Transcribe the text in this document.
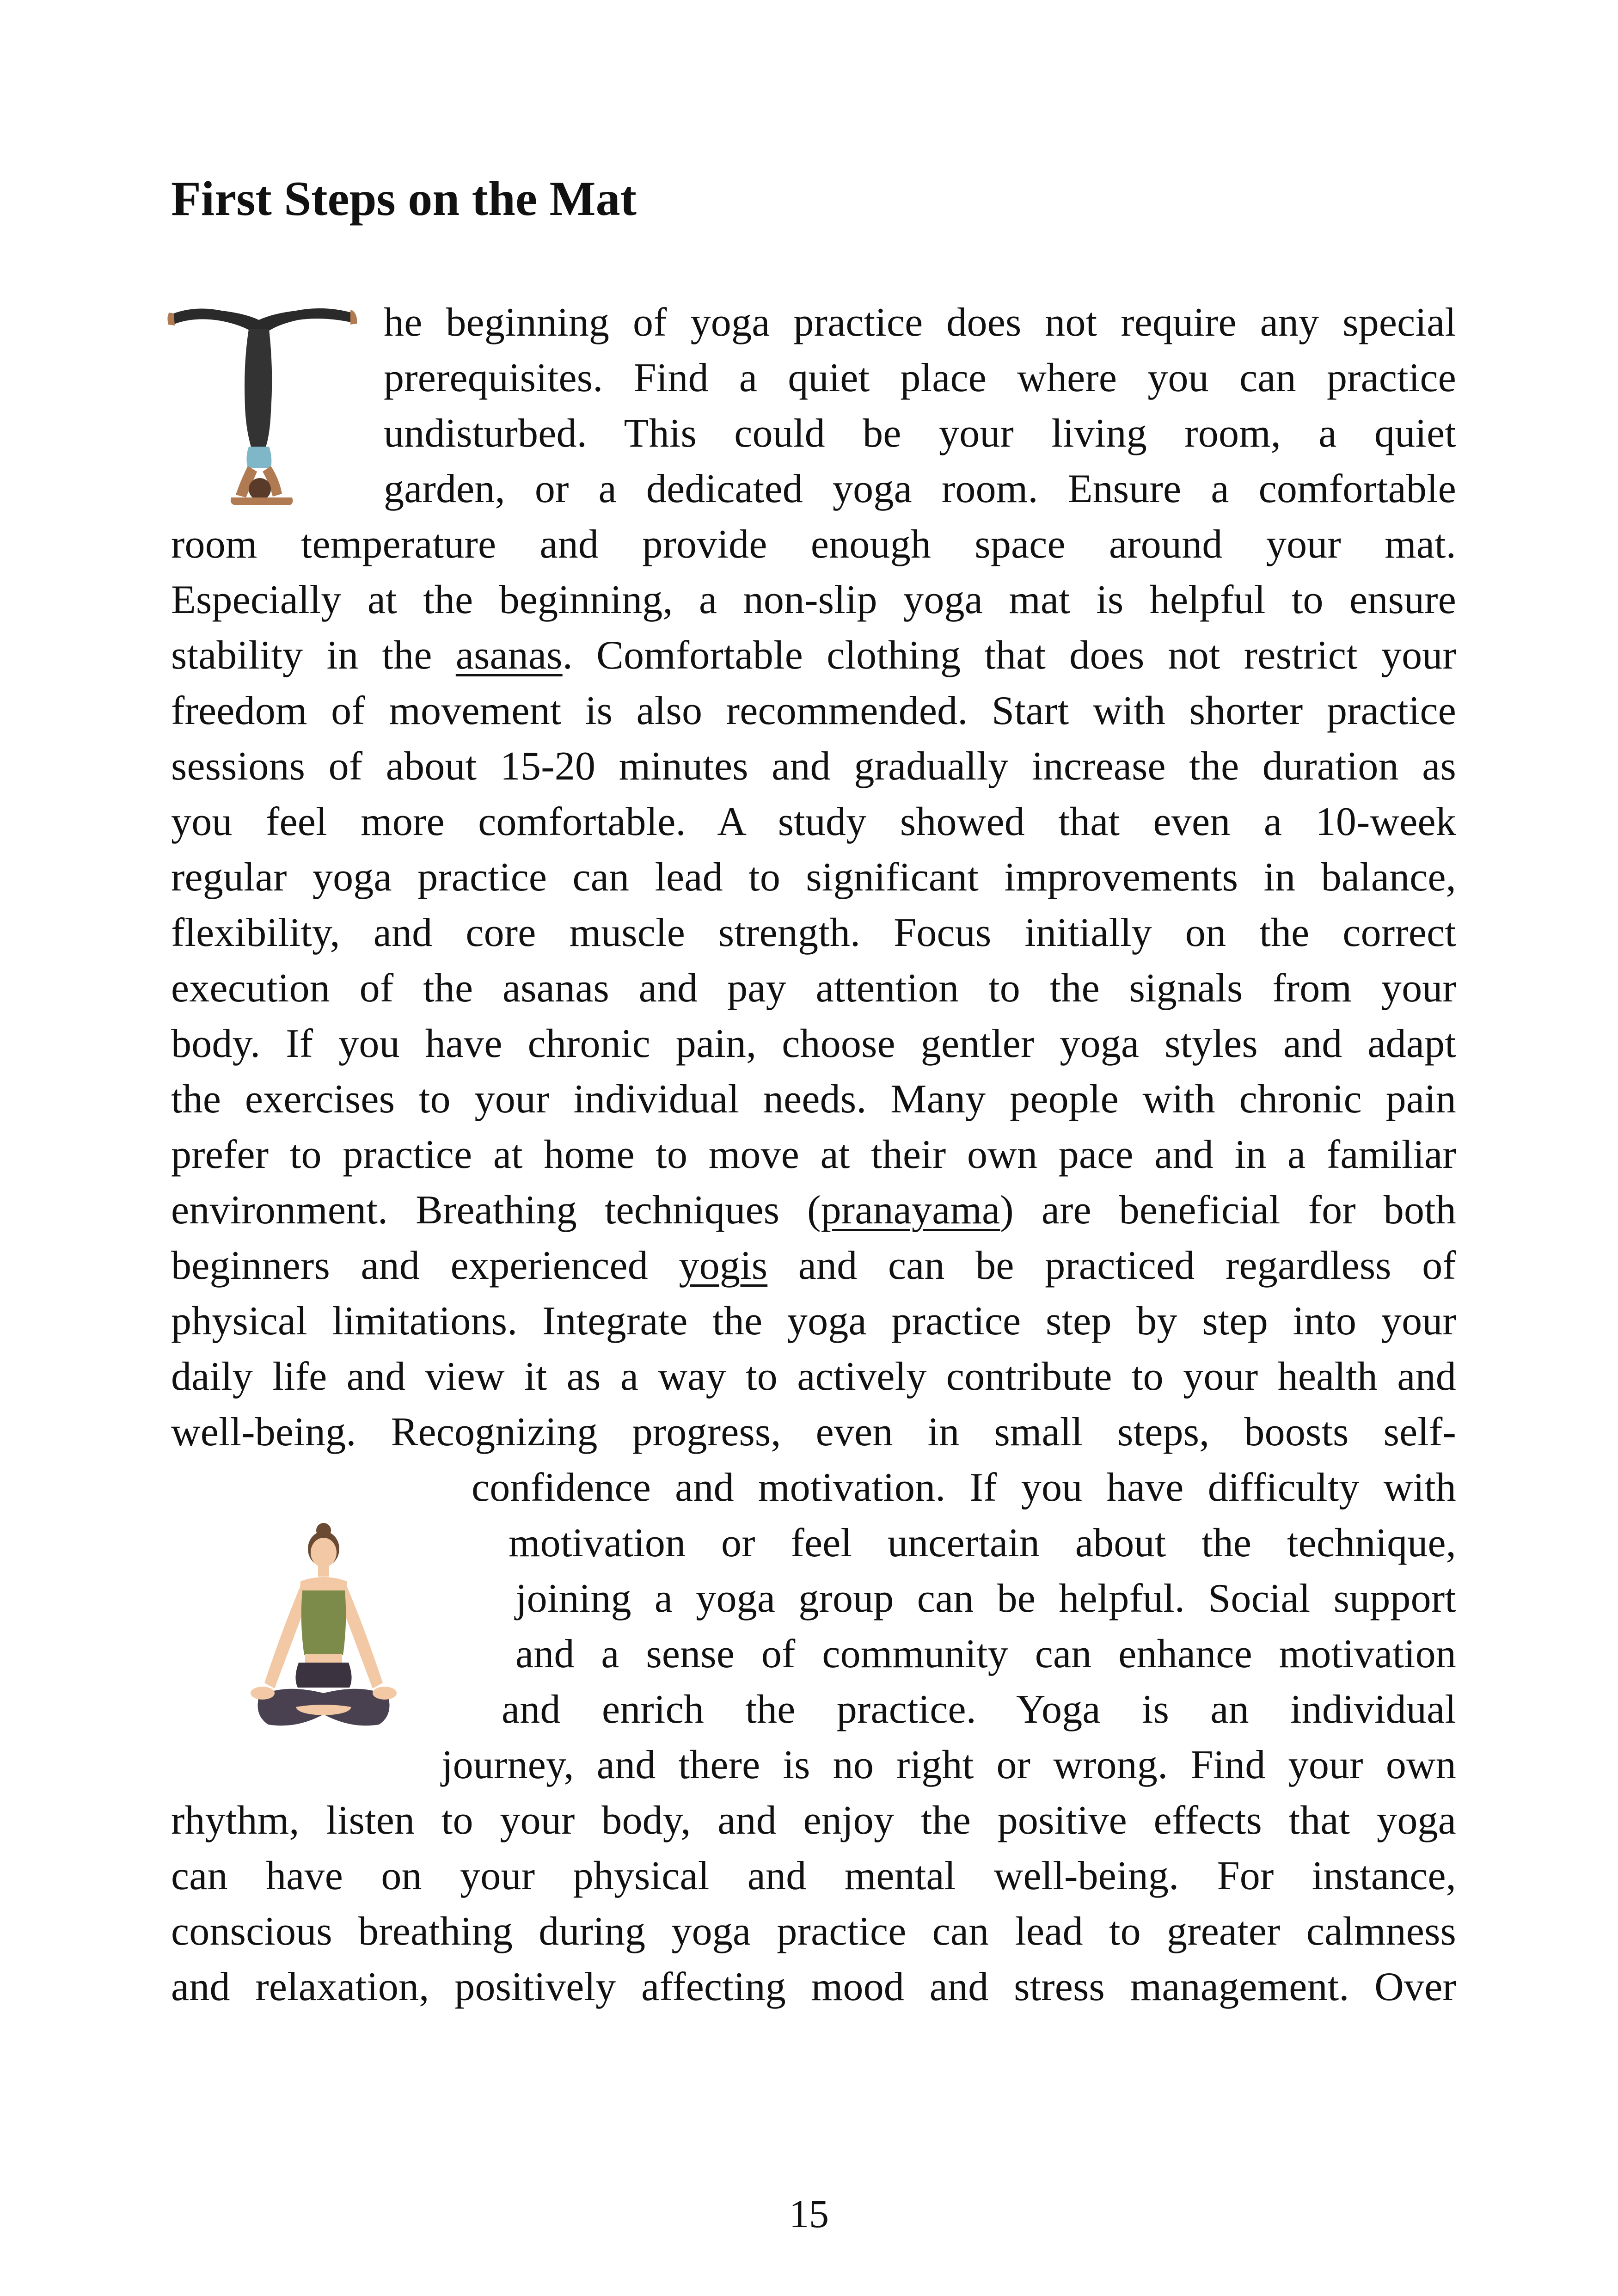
First Steps on the Mat
he beginning of yoga practice does not require any special
prerequisites. Find a quiet place where you can practice
undisturbed. This could be your living room, a quiet
garden, or a dedicated yoga room. Ensure a comfortable
room temperature and provide enough space around your mat.
Especially at the beginning, a non-slip yoga mat is helpful to ensure
stability in the asanas. Comfortable clothing that does not restrict your
freedom of movement is also recommended. Start with shorter practice
sessions of about 15-20 minutes and gradually increase the duration as
you feel more comfortable. A study showed that even a 10-week
regular yoga practice can lead to significant improvements in balance,
flexibility, and core muscle strength. Focus initially on the correct
execution of the asanas and pay attention to the signals from your
body. If you have chronic pain, choose gentler yoga styles and adapt
the exercises to your individual needs. Many people with chronic pain
prefer to practice at home to move at their own pace and in a familiar
environment. Breathing techniques (pranayama) are beneficial for both
beginners and experienced yogis and can be practiced regardless of
physical limitations. Integrate the yoga practice step by step into your
daily life and view it as a way to actively contribute to your health and
well-being. Recognizing progress, even in small steps, boosts self-
confidence and motivation. If you have difficulty with
motivation or feel uncertain about the technique,
joining a yoga group can be helpful. Social support
and a sense of community can enhance motivation
and enrich the practice. Yoga is an individual
journey, and there is no right or wrong. Find your own
rhythm, listen to your body, and enjoy the positive effects that yoga
can have on your physical and mental well-being. For instance,
conscious breathing during yoga practice can lead to greater calmness
and relaxation, positively affecting mood and stress management. Over
15
